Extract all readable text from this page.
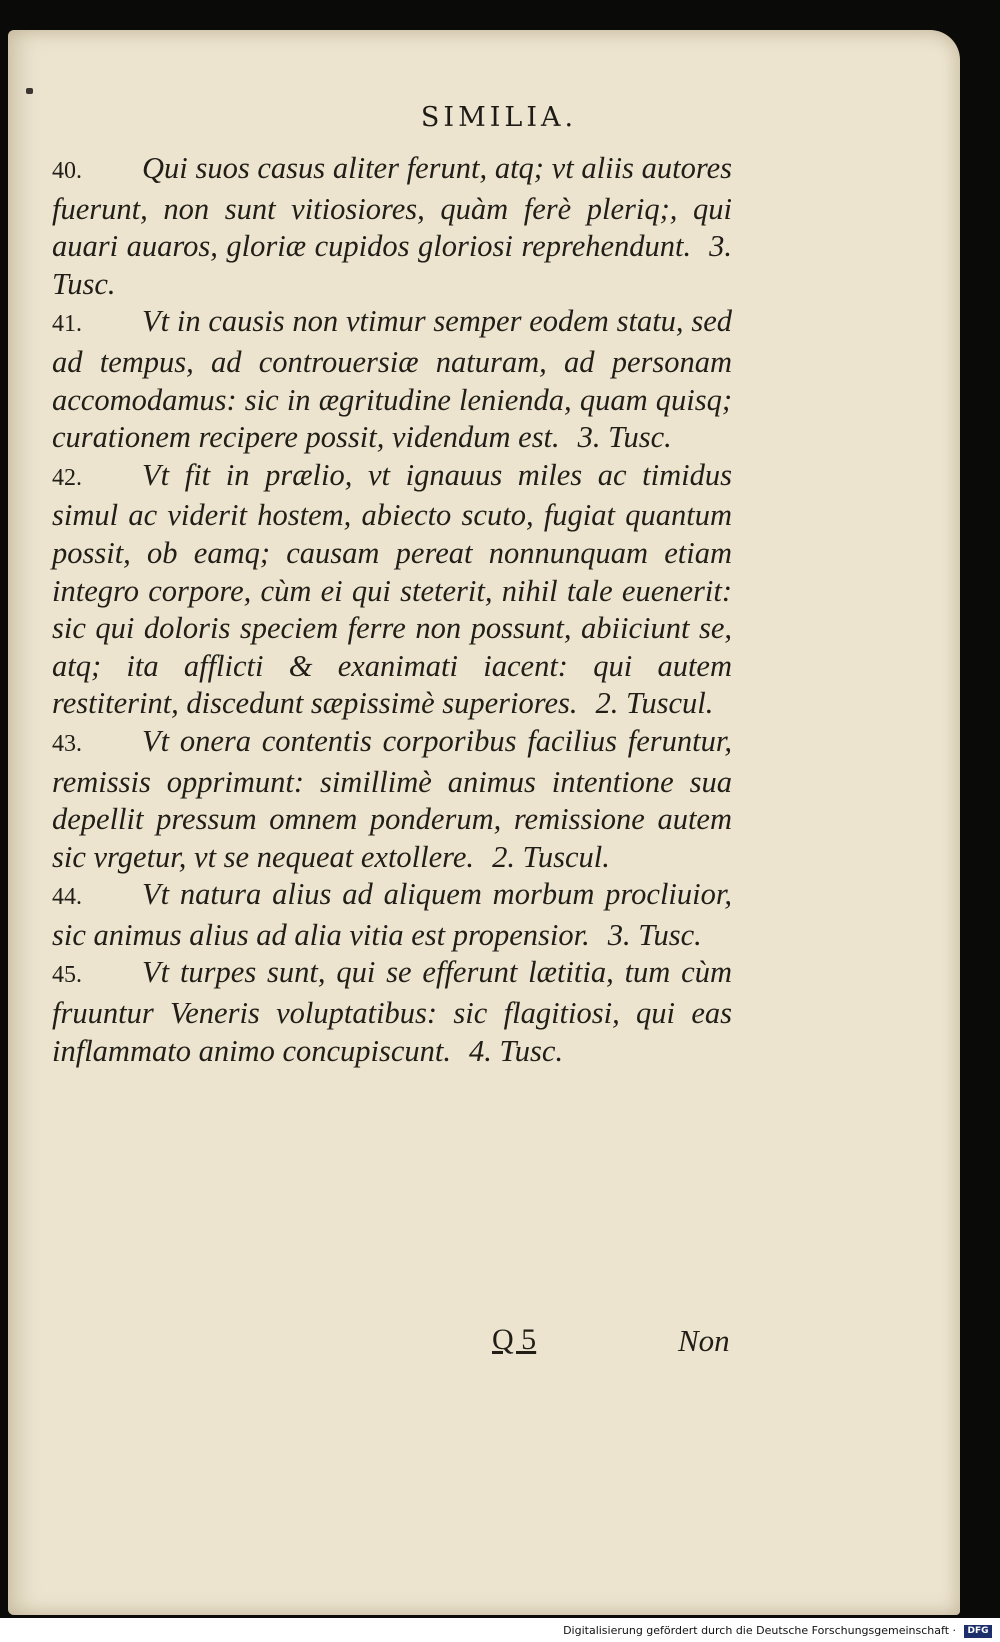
SIMILIA.

40. Qui suos casus aliter ferunt, atq; vt aliis autores fuerunt, non sunt vitiosiores, quàm ferè pleriq;, qui auari auaros, gloriæ cupidos gloriosi reprehendunt. 3. Tusc.

41. Vt in causis non vtimur semper eodem statu, sed ad tempus, ad controuersiæ naturam, ad personam accomodamus: sic in ægritudine lenienda, quam quisq; curationem recipere possit, videndum est. 3. Tusc.

42. Vt fit in prælio, vt ignauus miles ac timidus simul ac viderit hostem, abiecto scuto, fugiat quantum possit, ob eamq; causam pereat nonnunquam etiam integro corpore, cùm ei qui steterit, nihil tale euenerit: sic qui doloris speciem ferre non possunt, abiiciunt se, atq; ita afflicti & exanimati iacent: qui autem restiterint, discedunt sæpissimè superiores. 2. Tuscul.

43. Vt onera contentis corporibus facilius feruntur, remissis opprimunt: simillimè animus intentione sua depellit pressum omnem ponderum, remissione autem sic vrgetur, vt se nequeat extollere. 2. Tuscul.

44. Vt natura alius ad aliquem morbum procliuior, sic animus alius ad alia vitia est propensior. 3. Tusc.

45. Vt turpes sunt, qui se efferunt lætitia, tum cùm fruuntur Veneris voluptatibus: sic flagitiosi, qui eas inflammato animo concupiscunt. 4. Tusc.

Q 5	Non
Digitalisierung gefördert durch die Deutsche Forschungsgemeinschaft ·	DFG
